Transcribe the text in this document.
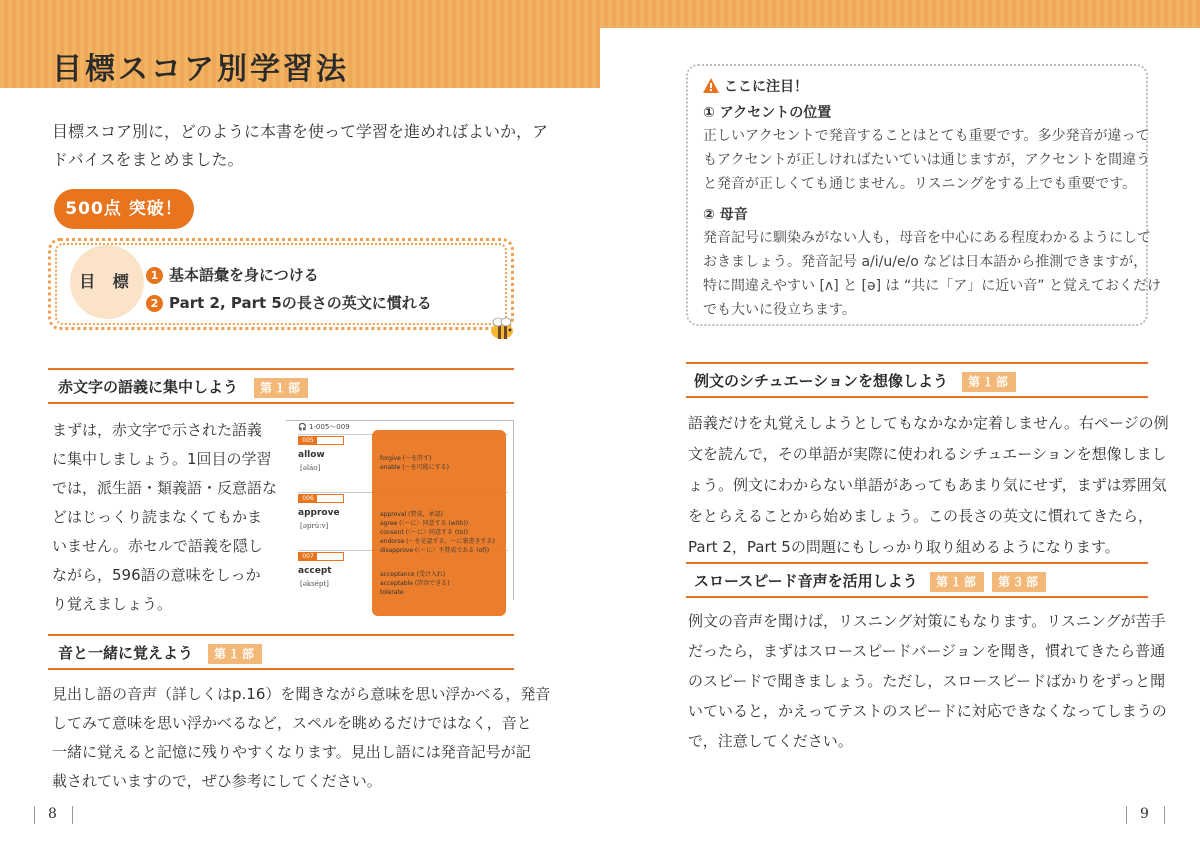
目標スコア別学習法
目標スコア別に，どのように本書を使って学習を進めればよいか，ア
ドバイスをまとめました。
500点 突破！
目 標	1 基本語彙を身につける
2 Part 2, Part 5の長さの英文に慣れる
赤文字の語義に集中しよう	第１部
まずは，赤文字で示された語義
に集中しましょう。1回目の学習
では，派生語・類義語・反意語な
どはじっくり読まなくてもかま
いません。赤セルで語義を隠し
ながら，596語の意味をしっか
り覚えましょう。
🎧 1-005～009
005
allow
[əláʊ]
006
approve
[əprúːv]
007
accept
[əksépt]
forgive (～を許す)
enable (～を可能にする)
approval (賛成，承認)
agree (〈～に〉同意する (with))
consent (〈～に〉同意する (to))
endorse (～を是認する，～に裏書きする)
disapprove (〈～に〉不賛成である (of))
acceptance (受け入れ)
acceptable (許容できる)
tolerate
音と一緒に覚えよう	第１部
見出し語の音声（詳しくはp.16）を聞きながら意味を思い浮かべる，発音
してみて意味を思い浮かべるなど，スペルを眺めるだけではなく，音と
一緒に覚えると記憶に残りやすくなります。見出し語には発音記号が記
載されていますので，ぜひ参考にしてください。
ここに注目！
① アクセントの位置
正しいアクセントで発音することはとても重要です。多少発音が違って
もアクセントが正しければたいていは通じますが，アクセントを間違う
と発音が正しくても通じません。リスニングをする上でも重要です。
② 母音
発音記号に馴染みがない人も，母音を中心にある程度わかるようにして
おきましょう。発音記号 a/i/u/e/o などは日本語から推測できますが，
特に間違えやすい [ʌ] と [ə] は “共に「ア」に近い音” と覚えておくだけ
でも大いに役立ちます。
例文のシチュエーションを想像しよう	第１部
語義だけを丸覚えしようとしてもなかなか定着しません。右ページの例
文を読んで，その単語が実際に使われるシチュエーションを想像しまし
ょう。例文にわからない単語があってもあまり気にせず，まずは雰囲気
をとらえることから始めましょう。この長さの英文に慣れてきたら，
Part 2，Part 5の問題にもしっかり取り組めるようになります。
スロースピード音声を活用しよう	第１部	第３部
例文の音声を聞けば，リスニング対策にもなります。リスニングが苦手
だったら，まずはスロースピードバージョンを聞き，慣れてきたら普通
のスピードで聞きましょう。ただし，スロースピードばかりをずっと聞
いていると，かえってテストのスピードに対応できなくなってしまうの
で，注意してください。
8	9
